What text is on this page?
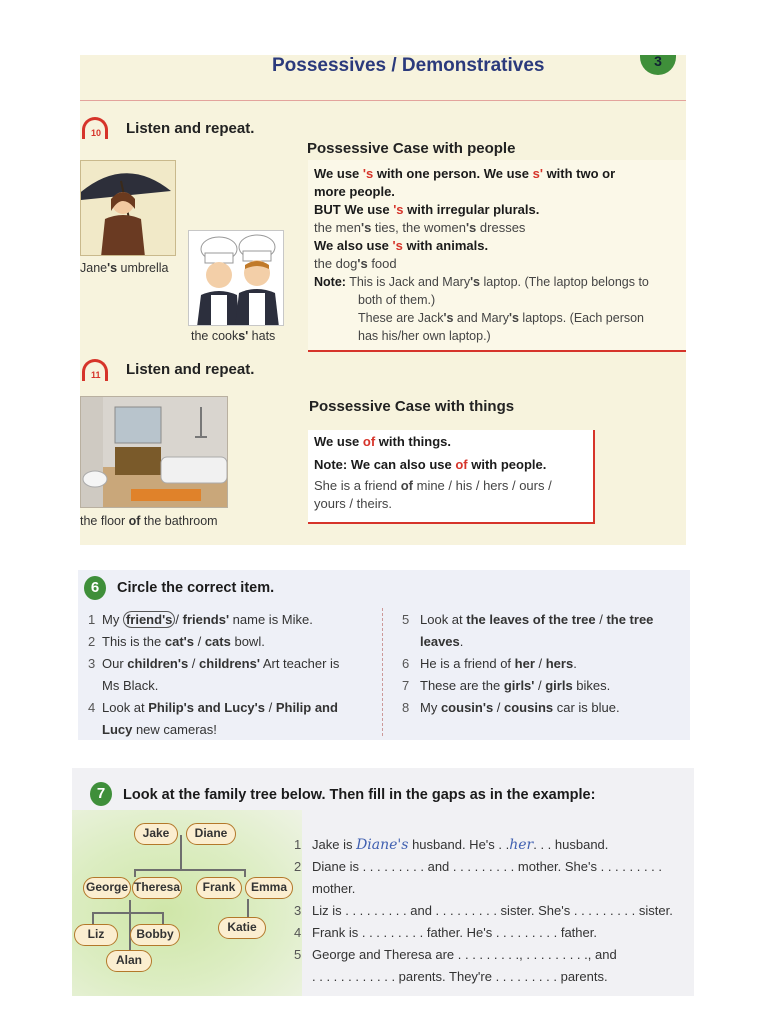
Possessives / Demonstratives	3
10 Listen and repeat.
Possessive Case with people
We use 's with one person. We use s' with two or
more people.
BUT We use 's with irregular plurals.
the men's ties, the women's dresses
We also use 's with animals.
the dog's food
Note: This is Jack and Mary's laptop. (The laptop belongs to
both of them.)
These are Jack's and Mary's laptops. (Each person
has his/her own laptop.)
Jane's umbrella
the cooks' hats
11 Listen and repeat.
the floor of the bathroom
Possessive Case with things
We use of with things.
Note: We can also use of with people.
She is a friend of mine / his / hers / ours /
yours / theirs.
6	Circle the correct item.
1 My friend's / friends' name is Mike.
2 This is the cat's / cats bowl.
3 Our children's / childrens' Art teacher is
Ms Black.
4 Look at Philip's and Lucy's / Philip and
Lucy new cameras!
5 Look at the leaves of the tree / the tree
leaves.
6 He is a friend of her / hers.
7 These are the girls' / girls bikes.
8 My cousin's / cousins car is blue.
7	Look at the family tree below. Then fill in the gaps as in the example:
Jake	Diane
George Theresa	Frank	Emma
Liz	Bobby	Katie
Alan
1 Jake is Diane's husband. He's . .her. . . husband.
2 Diane is . . . . . . . . . and . . . . . . . . . mother. She's . . . . . . . . .
mother.
3 Liz is . . . . . . . . . and . . . . . . . . . sister. She's . . . . . . . . . sister.
4 Frank is . . . . . . . . . father. He's . . . . . . . . . father.
5 George and Theresa are . . . . . . . . ., . . . . . . . . ., and
. . . . . . . . . . . . parents. They're . . . . . . . . . parents.
